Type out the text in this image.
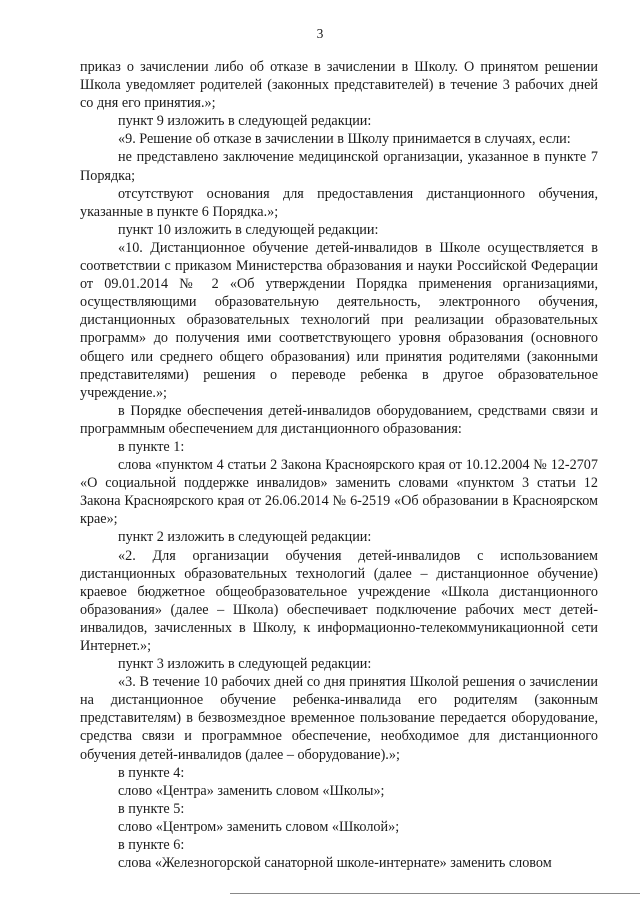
3

приказ о зачислении либо об отказе в зачислении в Школу. О принятом решении Школа уведомляет родителей (законных представителей) в течение 3 рабочих дней со дня его принятия.»;

пункт 9 изложить в следующей редакции:

«9. Решение об отказе в зачислении в Школу принимается в случаях, если:

не представлено заключение медицинской организации, указанное в пункте 7 Порядка;

отсутствуют основания для предоставления дистанционного обучения, указанные в пункте 6 Порядка.»;

пункт 10 изложить в следующей редакции:

«10. Дистанционное обучение детей-инвалидов в Школе осуществляется в соответствии с приказом Министерства образования и науки Российской Федерации от 09.01.2014 № 2 «Об утверждении Порядка применения организациями, осуществляющими образовательную деятельность, электронного обучения, дистанционных образовательных технологий при реализации образовательных программ» до получения ими соответствующего уровня образования (основного общего или среднего общего образования) или принятия родителями (законными представителями) решения о переводе ребенка в другое образовательное учреждение.»;

в Порядке обеспечения детей-инвалидов оборудованием, средствами связи и программным обеспечением для дистанционного образования:

в пункте 1:

слова «пунктом 4 статьи 2 Закона Красноярского края от 10.12.2004 № 12-2707 «О социальной поддержке инвалидов» заменить словами «пунктом 3 статьи 12 Закона Красноярского края от 26.06.2014 № 6-2519 «Об образовании в Красноярском крае»;

пункт 2 изложить в следующей редакции:

«2. Для организации обучения детей-инвалидов с использованием дистанционных образовательных технологий (далее – дистанционное обучение) краевое бюджетное общеобразовательное учреждение «Школа дистанционного образования» (далее – Школа) обеспечивает подключение рабочих мест детей-инвалидов, зачисленных в Школу, к информационно-телекоммуникационной сети Интернет.»;

пункт 3 изложить в следующей редакции:

«3. В течение 10 рабочих дней со дня принятия Школой решения о зачислении на дистанционное обучение ребенка-инвалида его родителям (законным представителям) в безвозмездное временное пользование передается оборудование, средства связи и программное обеспечение, необходимое для дистанционного обучения детей-инвалидов (далее – оборудование).»;

в пункте 4:

слово «Центра» заменить словом «Школы»;

в пункте 5:

слово «Центром» заменить словом «Школой»;

в пункте 6:

слова «Железногорской санаторной школе-интернате» заменить словом
